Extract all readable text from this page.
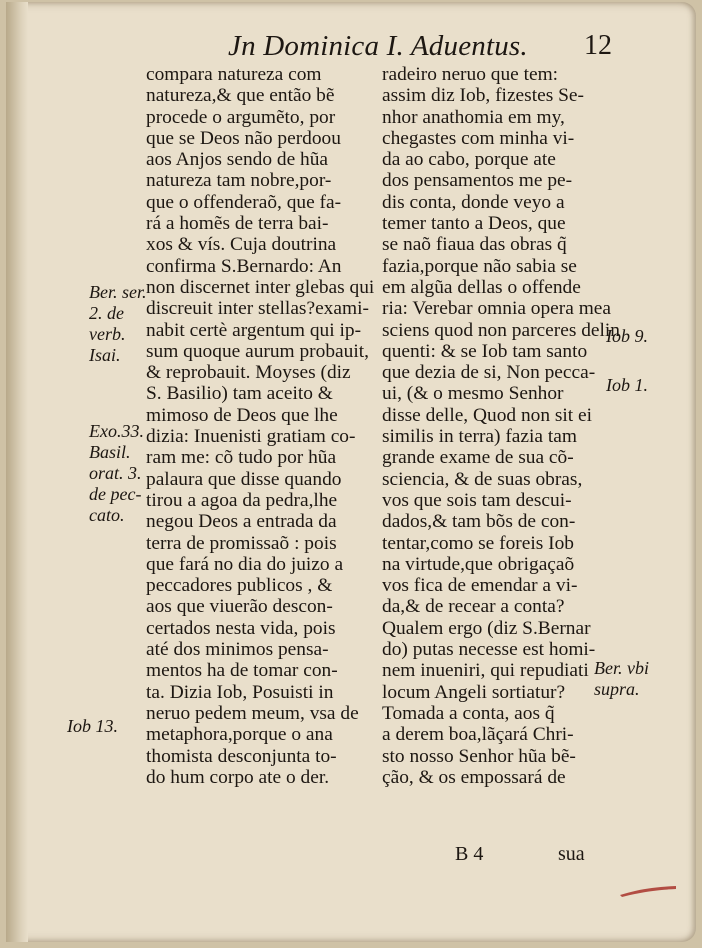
Jn Dominica I. Aduentus. 12
compara natureza com
natureza,& que então bẽ
procede o argumẽto, por
que se Deos não perdoou
aos Anjos sendo de hũa
natureza tam nobre,por-
que o offenderaõ, que fa-
rá a homẽs de terra bai-
xos & vís. Cuja doutrina
confirma S.Bernardo: An
non discernet inter glebas qui
discreuit inter stellas?exami-
nabit certè argentum qui ip-
sum quoque aurum probauit,
& reprobauit. Moyses (diz
S. Basilio) tam aceito &
mimoso de Deos que lhe
dizia: Inuenisti gratiam co-
ram me: cõ tudo por hũa
palaura que disse quando
tirou a agoa da pedra,lhe
negou Deos a entrada da
terra de promissaõ : pois
que fará no dia do juizo a
peccadores publicos , &
aos que viuerão descon-
certados nesta vida, pois
até dos minimos pensa-
mentos ha de tomar con-
ta. Dizia Iob, Posuisti in
neruo pedem meum, vsa de
metaphora,porque o ana
thomista desconjunta to-
do hum corpo ate o der.
radeiro neruo que tem:
assim diz Iob, fizestes Se-
nhor anathomia em my,
chegastes com minha vi-
da ao cabo, porque ate
dos pensamentos me pe-
dis conta, donde veyo a
temer tanto a Deos, que
se naõ fiaua das obras q̃
fazia,porque não sabia se
em algũa dellas o offende
ria: Verebar omnia opera mea
sciens quod non parceres delin
quenti: & se Iob tam santo
que dezia de si, Non pecca-
ui, (& o mesmo Senhor
disse delle, Quod non sit ei
similis in terra) fazia tam
grande exame de sua cõ-
sciencia, & de suas obras,
vos que sois tam descui-
dados,& tam bõs de con-
tentar,como se foreis Iob
na virtude,que obrigaçaõ
vos fica de emendar a vi-
da,& de recear a conta?
Qualem ergo (diz S.Bernar
do) putas necesse est homi-
nem inueniri, qui repudiati
locum Angeli sortiatur?
Tomada a conta, aos q̃
a derem boa,lãçará Chri-
sto nosso Senhor hũa bẽ-
ção, & os empossará de
Ber. ser.
2. de
verb.
Isai.
Exo.33.
Basil.
orat. 3.
de pec-
cato.
Iob 13.
Iob 9.
Iob 1.
Ber. vbi
supra.
B 4	sua
